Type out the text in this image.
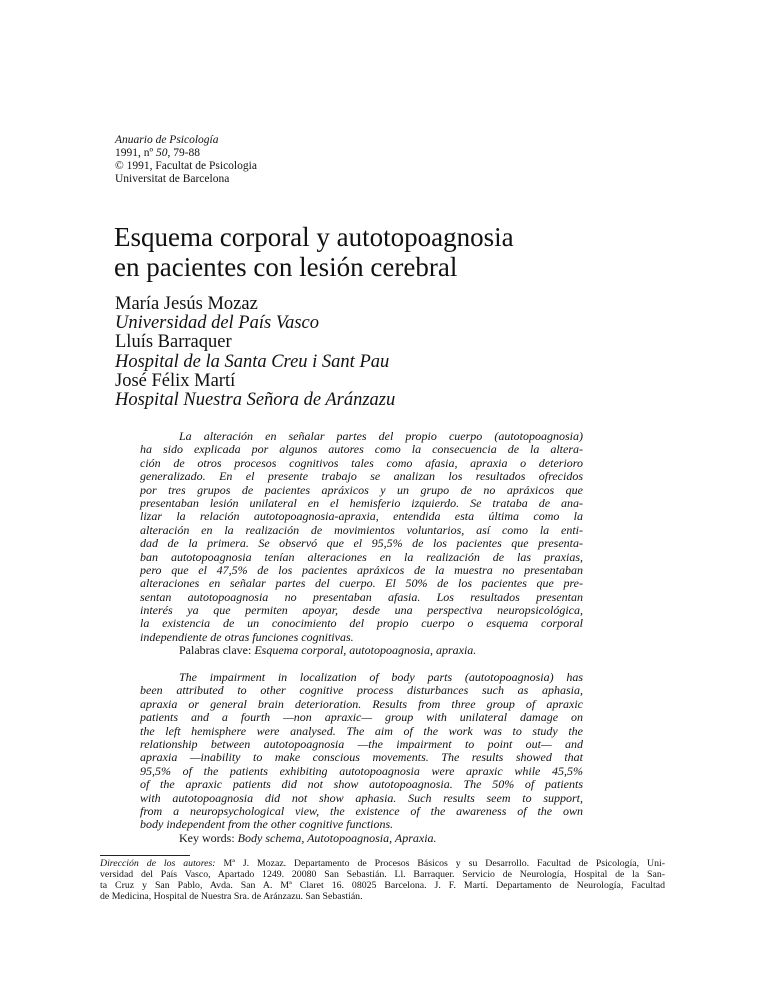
Anuario de Psicología
1991, nº 50, 79-88
© 1991, Facultat de Psicologia
Universitat de Barcelona
Esquema corporal y autotopoagnosia
en pacientes con lesión cerebral
María Jesús Mozaz
Universidad del País Vasco
Lluís Barraquer
Hospital de la Santa Creu i Sant Pau
José Félix Martí
Hospital Nuestra Señora de Aránzazu
La alteración en señalar partes del propio cuerpo (autotopoagnosia)
ha sido explicada por algunos autores como la consecuencia de la altera-
ción de otros procesos cognitivos tales como afasia, apraxia o deterioro
generalizado. En el presente trabajo se analizan los resultados ofrecidos
por tres grupos de pacientes apráxicos y un grupo de no apráxicos que
presentaban lesión unilateral en el hemisferio izquierdo. Se trataba de ana-
lizar la relación autotopoagnosia-apraxia, entendida esta última como la
alteración en la realización de movimientos voluntarios, así como la enti-
dad de la primera. Se observó que el 95,5% de los pacientes que presenta-
ban autotopoagnosia tenían alteraciones en la realización de las praxias,
pero que el 47,5% de los pacientes apráxicos de la muestra no presentaban
alteraciones en señalar partes del cuerpo. El 50% de los pacientes que pre-
sentan autotopoagnosia no presentaban afasia. Los resultados presentan
interés ya que permiten apoyar, desde una perspectiva neuropsicológica,
la existencia de un conocimiento del propio cuerpo o esquema corporal
independiente de otras funciones cognitivas.
Palabras clave: Esquema corporal, autotopoagnosia, apraxia.
The impairment in localization of body parts (autotopoagnosia) has
been attributed to other cognitive process disturbances such as aphasia,
apraxia or general brain deterioration. Results from three group of apraxic
patients and a fourth —non apraxic— group with unilateral damage on
the left hemisphere were analysed. The aim of the work was to study the
relationship between autotopoagnosia —the impairment to point out— and
apraxia —inability to make conscious movements. The results showed that
95,5% of the patients exhibiting autotopoagnosia were apraxic while 45,5%
of the apraxic patients did not show autotopoagnosia. The 50% of patients
with autotopoagnosia did not show aphasia. Such results seem to support,
from a neuropsychological view, the existence of the awareness of the own
body independent from the other cognitive functions.
Key words: Body schema, Autotopoagnosia, Apraxia.
Dirección de los autores: Mª J. Mozaz. Departamento de Procesos Básicos y su Desarrollo. Facultad de Psicología, Uni-
versidad del País Vasco, Apartado 1249. 20080 San Sebastián. Ll. Barraquer. Servicio de Neurología, Hospital de la San-
ta Cruz y San Pablo, Avda. San A. Mª Claret 16. 08025 Barcelona. J. F. Martí. Departamento de Neurología, Facultad
de Medicina, Hospital de Nuestra Sra. de Aránzazu. San Sebastián.
